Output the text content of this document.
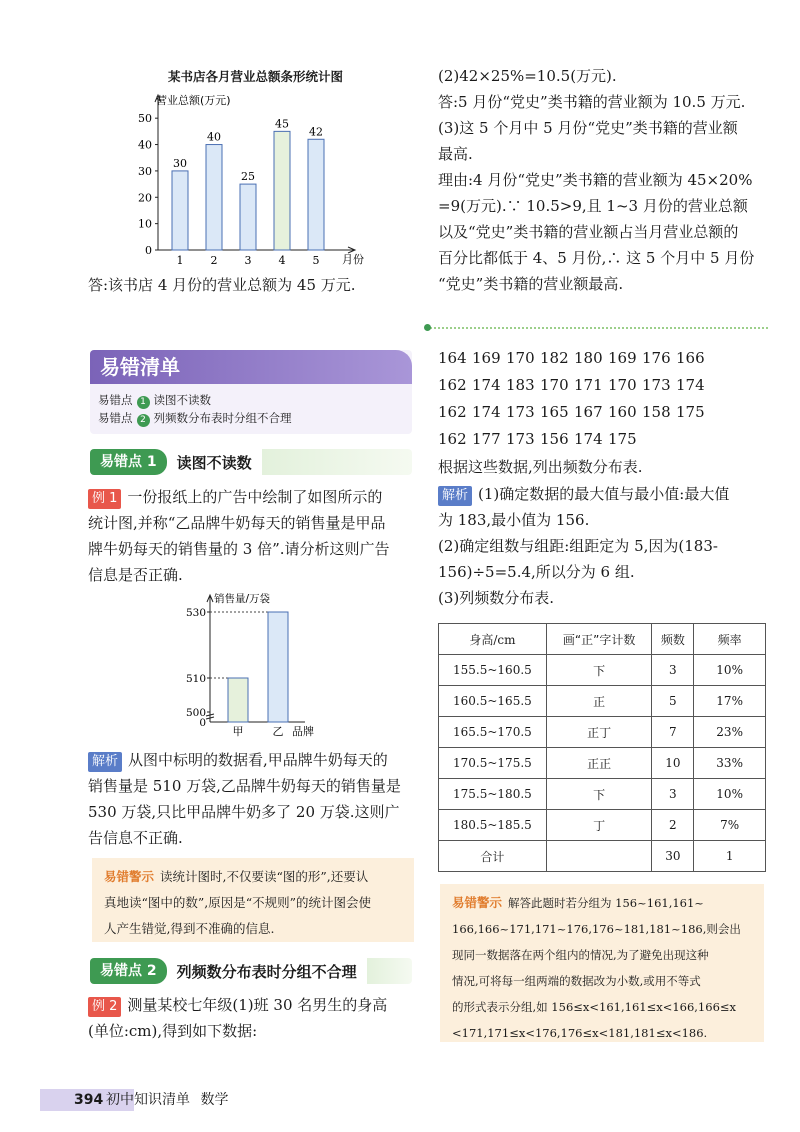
某书店各月营业总额条形统计图
营业总额(万元)
月份
0
10
20
30
40
50
30
1
40
2
25
3
45
4
42
5
答:该书店 4 月份的营业总额为 45 万元.
(2)42×25%=10.5(万元).
答:5 月份“党史”类书籍的营业额为 10.5 万元.
(3)这 5 个月中 5 月份“党史”类书籍的营业额
最高.
理由:4 月份“党史”类书籍的营业额为 45×20%
=9(万元).∵ 10.5>9,且 1~3 月份的营业总额
以及“党史”类书籍的营业额占当月营业总额的
百分比都低于 4、5 月份,∴ 这 5 个月中 5 月份
“党史”类书籍的营业额最高.
易错清单
易错点 1 读图不读数
易错点 2 列频数分布表时分组不合理
易错点 1	读图不读数
例 1 一份报纸上的广告中绘制了如图所示的
统计图,并称“乙品牌牛奶每天的销售量是甲品
牌牛奶每天的销售量的 3 倍”.请分析这则广告
信息是否正确.
销售量/万袋
530
510
500
0
甲	乙 品牌
解析 从图中标明的数据看,甲品牌牛奶每天的
销售量是 510 万袋,乙品牌牛奶每天的销售量是
530 万袋,只比甲品牌牛奶多了 20 万袋.这则广
告信息不正确.
易错警示 读统计图时,不仅要读“图的形”,还要认
真地读“图中的数”,原因是“不规则”的统计图会使
人产生错觉,得到不准确的信息.
易错点 2	列频数分布表时分组不合理
例 2 测量某校七年级(1)班 30 名男生的身高
(单位:cm),得到如下数据:
164 169 170 182 180 169 176 166
162 174 183 170 171 170 173 174
162 174 173 165 167 160 158 175
162 177 173 156 174 175
根据这些数据,列出频数分布表.
解析 (1)确定数据的最大值与最小值:最大值
为 183,最小值为 156.
(2)确定组数与组距:组距定为 5,因为(183-
156)÷5=5.4,所以分为 6 组.
(3)列频数分布表.
身高/cm	画“正”字计数	频数	频率
155.5~160.5	下	3	10%
160.5~165.5	正	5	17%
165.5~170.5	正丁	7	23%
170.5~175.5	正正	10	33%
175.5~180.5	下	3	10%
180.5~185.5	丁	2	7%
合计		30	1
易错警示 解答此题时若分组为 156~161,161~
166,166~171,171~176,176~181,181~186,则会出
现同一数据落在两个组内的情况,为了避免出现这种
情况,可将每一组两端的数据改为小数,或用不等式
的形式表示分组,如 156≤x<161,161≤x<166,166≤x
<171,171≤x<176,176≤x<181,181≤x<186.
394 初中知识清单 数学
